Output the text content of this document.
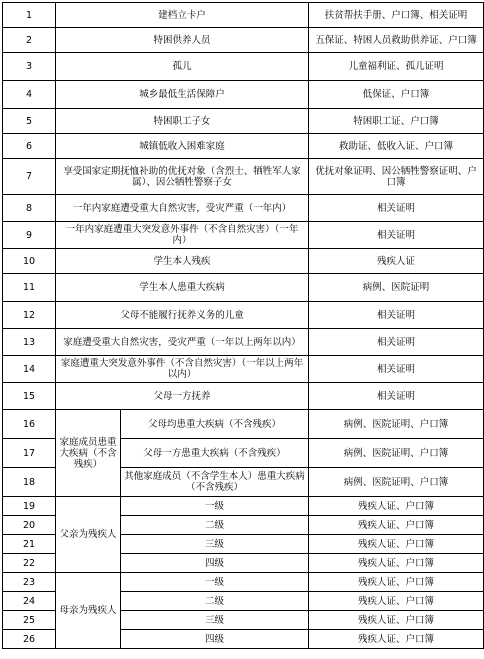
1	建档立卡户		扶贫帮扶手册、户口簿、相关证明
2	特困供养人员		五保证、特困人员救助供养证、户口簿
3	孤儿		儿童福利证、孤儿证明
4	城乡最低生活保障户		低保证、户口簿
5	特困职工子女		特困职工证、户口簿
6	城镇低收入困难家庭		救助证、低收入证、户口簿
7	享受国家定期抚恤补助的优抚对象（含烈士、牺牲军人家属）、因公牺牲警察子女		优抚对象证明、因公牺牲警察证明、户口簿
8	一年内家庭遭受重大自然灾害，受灾严重（一年内）		相关证明
9	一年内家庭遭重大突发意外事件（不含自然灾害）（一年内）		相关证明
10	学生本人残疾		残疾人证
11	学生本人患重大疾病		病例、医院证明
12	父母不能履行抚养义务的儿童		相关证明
13	家庭遭受重大自然灾害，受灾严重（一年以上两年以内）		相关证明
14	家庭遭重大突发意外事件（不含自然灾害）（一年以上两年以内）		相关证明
15	父母一方抚养		相关证明
16	家庭成员患重大疾病（不含残疾）	父母均患重大疾病（不含残疾）	病例、医院证明、户口簿
17		父母一方患重大疾病（不含残疾）	病例、医院证明、户口簿
18		其他家庭成员（不含学生本人）患重大疾病（不含残疾）	病例、医院证明、户口簿
19	父亲为残疾人	一级	残疾人证、户口簿
20		二级	残疾人证、户口簿
21		三级	残疾人证、户口簿
22		四级	残疾人证、户口簿
23	母亲为残疾人	一级	残疾人证、户口簿
24		二级	残疾人证、户口簿
25		三级	残疾人证、户口簿
26		四级	残疾人证、户口簿
